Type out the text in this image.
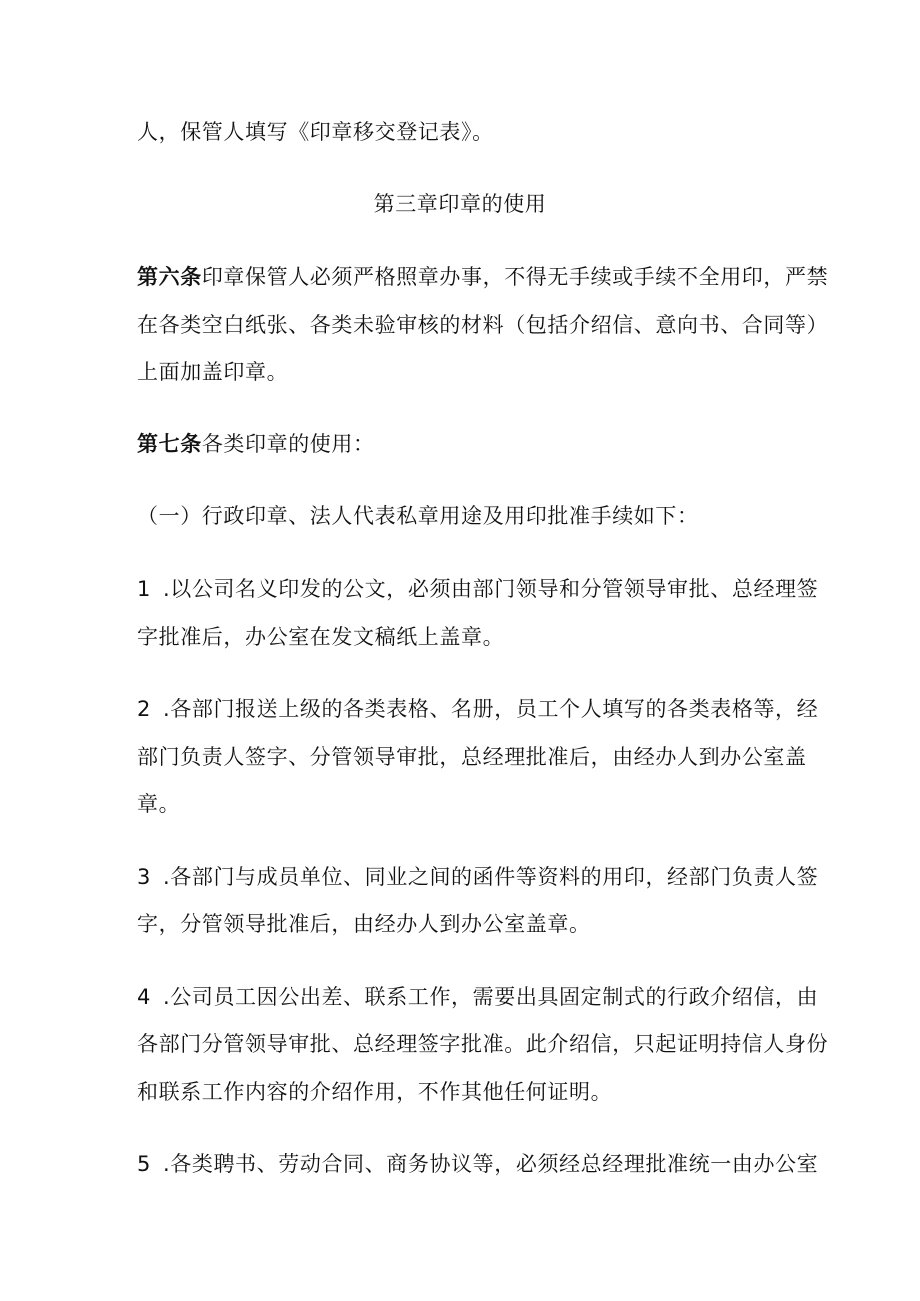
人，保管人填写《印章移交登记表》。
第三章印章的使用
第六条印章保管人必须严格照章办事，不得无手续或手续不全用印，严禁
在各类空白纸张、各类未验审核的材料（包括介绍信、意向书、合同等）
上面加盖印章。
第七条各类印章的使用：
（一）行政印章、法人代表私章用途及用印批准手续如下：
1 .以公司名义印发的公文，必须由部门领导和分管领导审批、总经理签
字批准后，办公室在发文稿纸上盖章。
2 .各部门报送上级的各类表格、名册，员工个人填写的各类表格等，经
部门负责人签字、分管领导审批，总经理批准后，由经办人到办公室盖
章。
3 .各部门与成员单位、同业之间的函件等资料的用印，经部门负责人签
字，分管领导批准后，由经办人到办公室盖章。
4 .公司员工因公出差、联系工作，需要出具固定制式的行政介绍信，由
各部门分管领导审批、总经理签字批准。此介绍信，只起证明持信人身份
和联系工作内容的介绍作用，不作其他任何证明。
5 .各类聘书、劳动合同、商务协议等，必须经总经理批准统一由办公室
